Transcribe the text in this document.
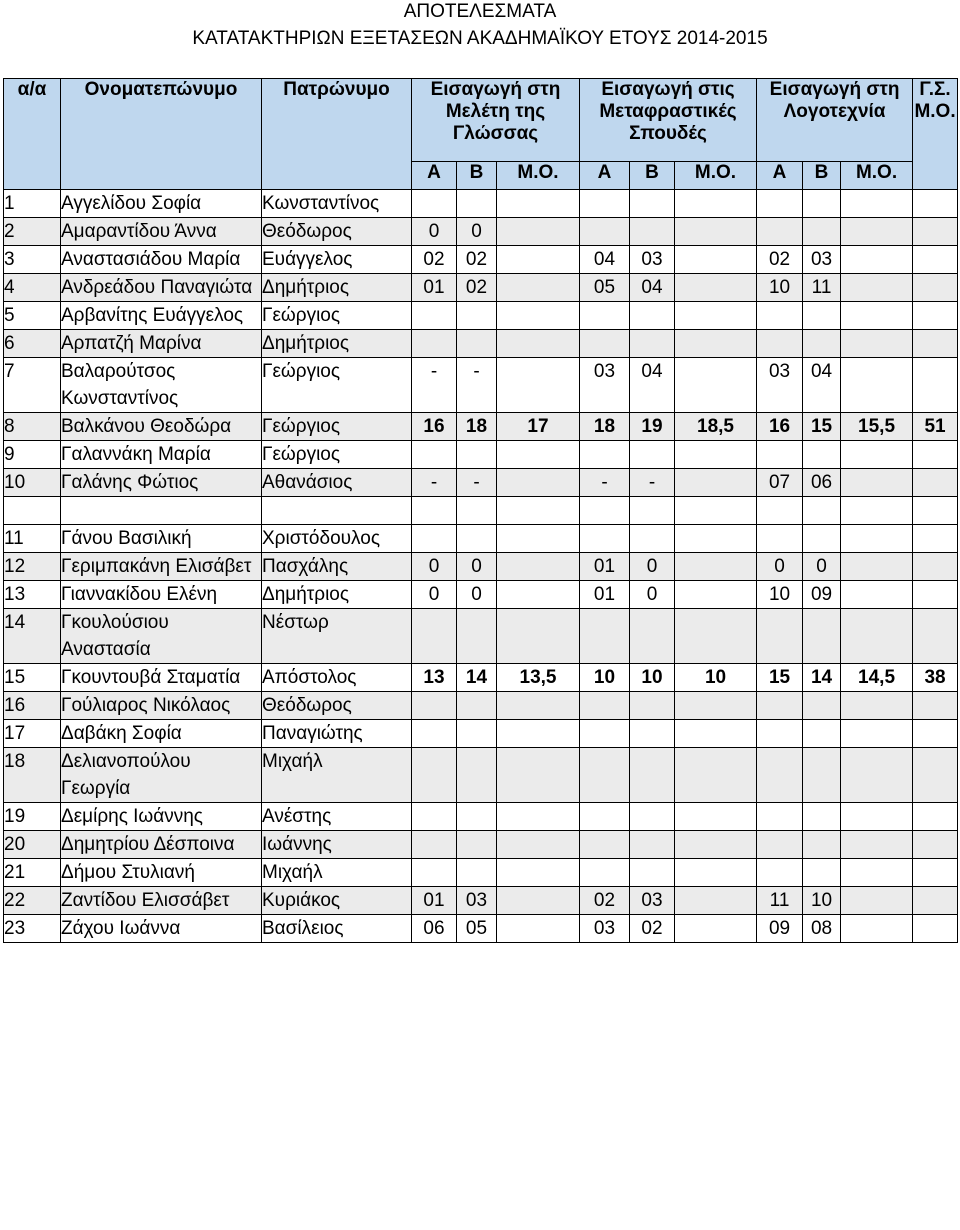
ΑΠΟΤΕΛΕΣΜΑΤΑ
ΚΑΤΑΤΑΚΤΗΡΙΩΝ ΕΞΕΤΑΣΕΩΝ ΑΚΑΔΗΜΑΪΚΟΥ ΕΤΟΥΣ 2014-2015
α/α	Ονοματεπώνυμο	Πατρώνυμο	Εισαγωγή στη Μελέτη της Γλώσσας			Εισαγωγή στις Μεταφραστικές Σπουδές			Εισαγωγή στη Λογοτεχνία			Γ.Σ. Μ.Ο.
			Α	Β	Μ.Ο.	Α	Β	Μ.Ο.	Α	Β	Μ.Ο.	
1	Αγγελίδου Σοφία	Κωνσταντίνος										
2	Αμαραντίδου Άννα	Θεόδωρος	0	0								
3	Αναστασιάδου Μαρία	Ευάγγελος	02	02		04	03		02	03		
4	Ανδρεάδου Παναγιώτα	Δημήτριος	01	02		05	04		10	11		
5	Αρβανίτης Ευάγγελος	Γεώργιος										
6	Αρπατζή Μαρίνα	Δημήτριος										
7	Βαλαρούτσος Κωνσταντίνος	Γεώργιος	-	-		03	04		03	04		
8	Βαλκάνου Θεοδώρα	Γεώργιος	16	18	17	18	19	18,5	16	15	15,5	51
9	Γαλαννάκη Μαρία	Γεώργιος										
10	Γαλάνης Φώτιος	Αθανάσιος	-	-		-	-		07	06		

11	Γάνου Βασιλική	Χριστόδουλος										
12	Γεριμπακάνη Ελισάβετ	Πασχάλης	0	0		01	0		0	0		
13	Γιαννακίδου Ελένη	Δημήτριος	0	0		01	0		10	09		
14	Γκουλούσιου Αναστασία	Νέστωρ										
15	Γκουντουβά Σταματία	Απόστολος	13	14	13,5	10	10	10	15	14	14,5	38
16	Γούλιαρος Νικόλαος	Θεόδωρος										
17	Δαβάκη Σοφία	Παναγιώτης										
18	Δελιανοπούλου Γεωργία	Μιχαήλ										
19	Δεμίρης Ιωάννης	Ανέστης										
20	Δημητρίου Δέσποινα	Ιωάννης										
21	Δήμου Στυλιανή	Μιχαήλ										
22	Ζαντίδου Ελισσάβετ	Κυριάκος	01	03		02	03		11	10		
23	Ζάχου Ιωάννα	Βασίλειος	06	05		03	02		09	08		
